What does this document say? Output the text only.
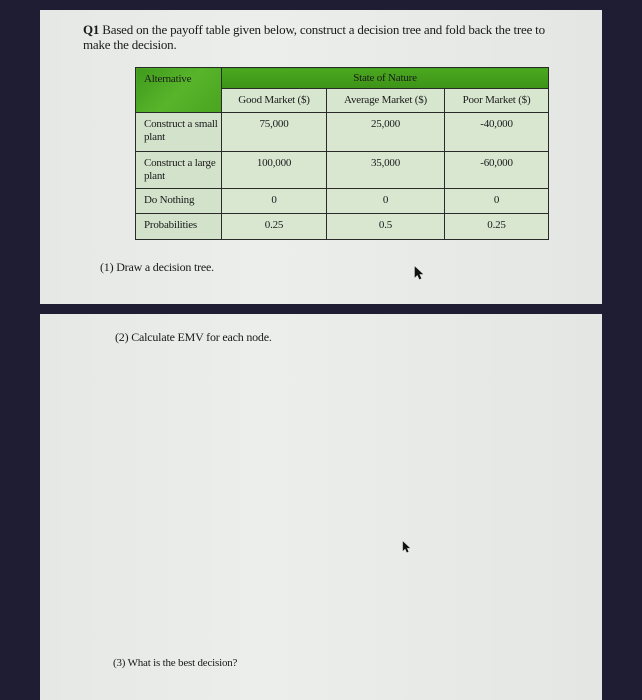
Q1 Based on the payoff table given below, construct a decision tree and fold back the tree to make the decision.
Alternative	State of Nature		
	Good Market ($)	Average Market ($)	Poor Market ($)
Construct a small plant	75,000	25,000	-40,000
Construct a large plant	100,000	35,000	-60,000
Do Nothing	0	0	0
Probabilities	0.25	0.5	0.25
(1) Draw a decision tree.
(2) Calculate EMV for each node.
(3) What is the best decision?
